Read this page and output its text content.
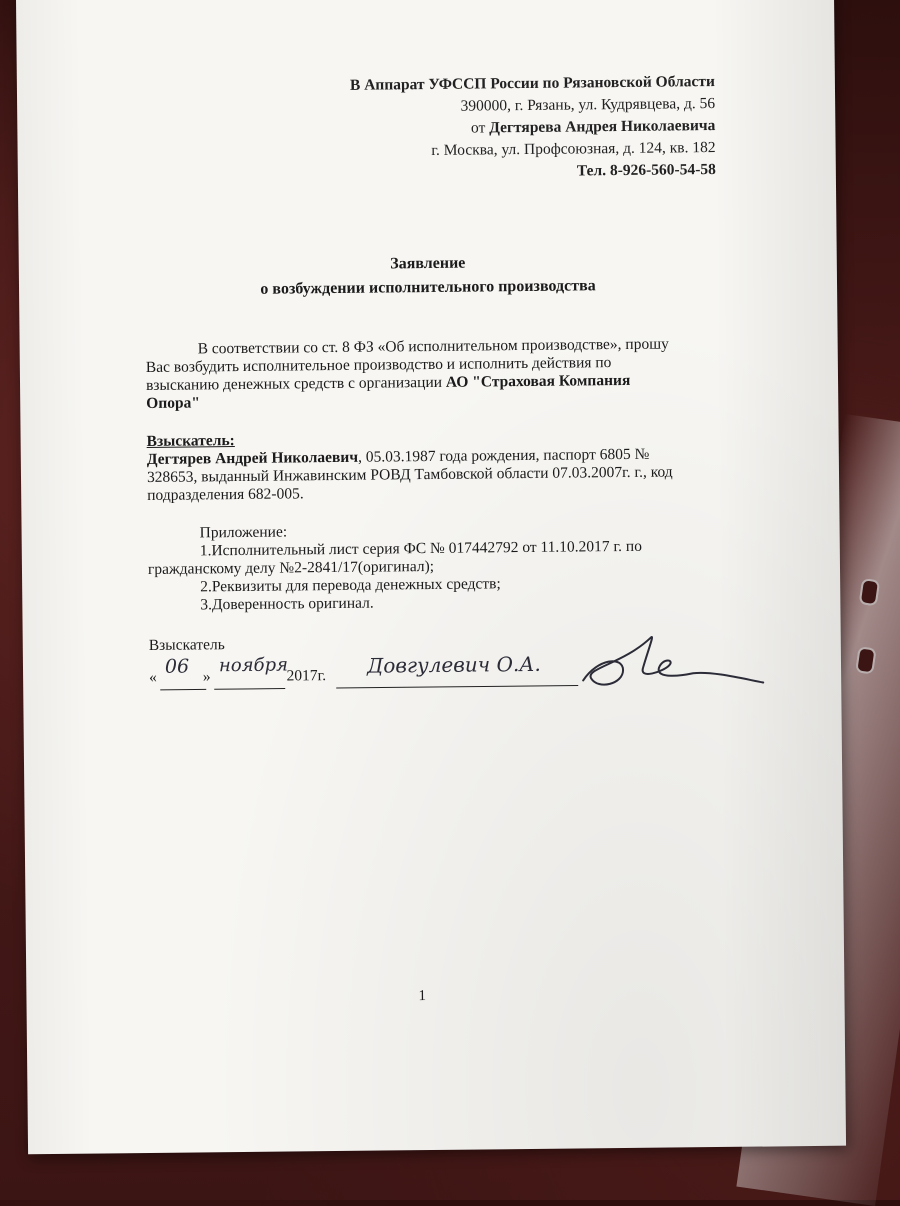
В Аппарат УФССП России по Рязановской Области
390000, г. Рязань, ул. Кудрявцева, д. 56
от Дегтярева Андрея Николаевича
г. Москва, ул. Профсоюзная, д. 124, кв. 182
Тел. 8-926-560-54-58
Заявление
о возбуждении исполнительного производства
В соответствии со ст. 8 ФЗ «Об исполнительном производстве», прошу
Вас возбудить исполнительное производство и исполнить действия по
взысканию денежных средств с организации АО "Страховая Компания
Опора"
Взыскатель:
Дегтярев Андрей Николаевич, 05.03.1987 года рождения, паспорт 6805 №
328653, выданный Инжавинским РОВД Тамбовской области 07.03.2007г. г., код
подразделения 682-005.
Приложение:
1.Исполнительный лист серия ФС № 017442792 от 11.10.2017 г. по
гражданскому делу №2-2841/17(оригинал);
2.Реквизиты для перевода денежных средств;
3.Доверенность оригинал.
Взыскатель
«	»	2017г.
06 ноября	Довгулевич О.А.
1
